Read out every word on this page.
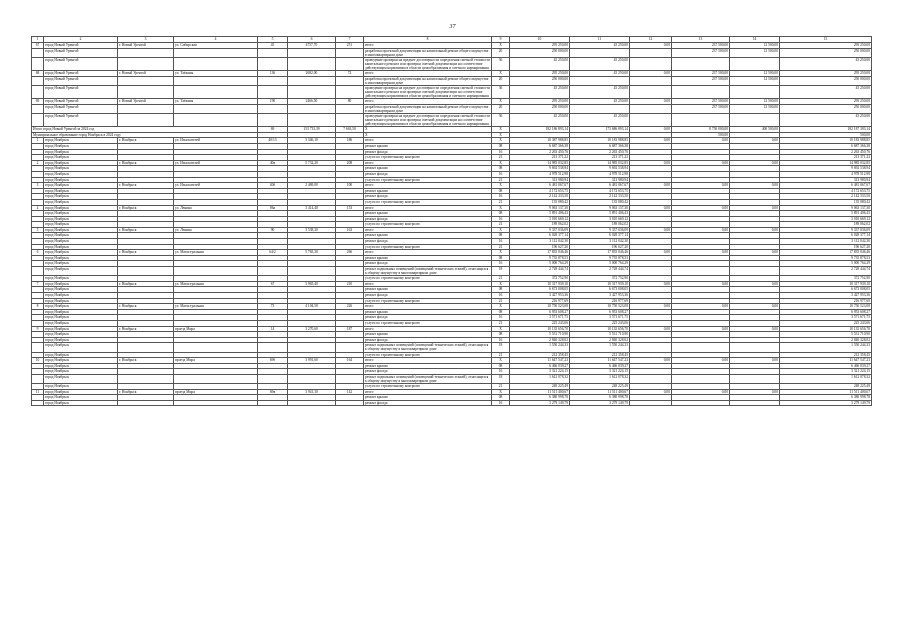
37
1	2	3	4	5	6	7	8	9	10	11	12	13	14	15
67	город Новый Уренгой	г. Новый Уренгой	ул. Сибирская	45	4757,70	251	итого	X	295 250,00	45 250,00	0,00	237 500,00	12 500,00	295 250,00
	город Новый Уренгой						разработка проектной документации на капитальный ремонт общего имущества в многоквартирном доме	20	250 000,00			237 500,00	12 500,00	250 000,00
	город Новый Уренгой						проведение проверки на предмет достоверности определения сметной стоимости капитального ремонта или проверки сметной документации на соответствие действующим нормативам в области ценообразования и сметного нормирования	36	45 250,00	45 250,00				45 250,00
68	город Новый Уренгой	г. Новый Уренгой	ул. Таёжная	136	2682,00	72	итого	X	295 250,00	45 250,00	0,00	237 500,00	12 500,00	295 250,00
	город Новый Уренгой						разработка проектной документации на капитальный ремонт общего имущества в многоквартирном доме	20	250 000,00			237 500,00	12 500,00	250 000,00
	город Новый Уренгой						проведение проверки на предмет достоверности определения сметной стоимости капитального ремонта или проверки сметной документации на соответствие действующим нормативам в области ценообразования и сметного нормирования	36	45 250,00	45 250,00				45 250,00
69	город Новый Уренгой	г. Новый Уренгой	ул. Таёжная	190	2466,50	80	итого	X	295 250,00	45 250,00	0,00	237 500,00	12 500,00	295 250,00
	город Новый Уренгой						разработка проектной документации на капитальный ремонт общего имущества в многоквартирном доме	20	250 000,00			237 500,00	12 500,00	250 000,00
	город Новый Уренгой						проведение проверки на предмет достоверности определения сметной стоимости капитального ремонта или проверки сметной документации на соответствие действующим нормативам в области ценообразования и сметного нормирования	36	45 250,00	45 250,00				45 250,00
Итого город Новый Уренгой за 2024 год				69	153 733,39	7 663,50	X	X	182 186 893,14	173 686 893,14	0,00	8 750 000,00	400 500,00	182 187 393,14
Муниципальное образование город Ноябрьск в 2024 году							X	X				500,00		500,00
1	город Ноябрьск	г. Ноябрьск	ул. Изыскателей	40/13	3 346,10	186	итого	X	10 387 988,85	10 183 988,85	0,00	0,00	0,00	10 183 988,85
	город Ноябрьск						ремонт крыши	08	6 687 366,38	6 687 366,38				6 687 366,38
	город Ноябрьск						ремонт фасада	16	2 263 450,76	2 263 450,76				2 263 450,76
	город Ноябрьск						услуги по строительному контролю	21	213 371,22	213 371,22				213 371,22
2	город Ноябрьск	г. Ноябрьск	ул. Изыскателей	40в	5 732,20	208	итого	X	14 985 032,85	14 985 032,85	0,00	0,00	0,00	14 985 032,85
	город Ноябрьск						ремонт крыши	08	9 692 538,94	9 692 538,94				9 692 538,94
	город Ноябрьск						ремонт фасада	16	4 978 512,98	4 978 512,98				4 978 512,98
	город Ноябрьск						услуги по строительному контролю	21	313 980,94	313 980,94				313 980,94
3	город Ноябрьск	г. Ноябрьск	ул. Изыскателей	40б	2 469,00	100	итого	X	6 481 067,67	6 481 067,67	0,00	0,00	0,00	6 481 067,67
	город Ноябрьск						ремонт крыши	08	4 172 653,75	4 172 653,75				4 172 653,75
	город Ноябрьск						ремонт фасада	16	2 142 333,50	2 142 333,50				2 142 333,50
	город Ноябрьск						услуги по строительному контролю	21	135 080,42	135 080,42				135 080,42
4	город Ноябрьск	г. Ноябрьск	ул. Ленина	86а	3 414,40	153	итого	X	9 063 137,30	9 063 137,30	0,00	0,00	0,00	9 063 137,30
	город Ноябрьск						ремонт крыши	08	5 891 406,43	5 891 406,43				5 891 406,43
	город Ноябрьск						ремонт фасада	16	3 010 669,12	3 010 669,12				3 010 669,12
	город Ноябрьск						услуги по строительному контролю	21	189 062,02	189 062,02				189 062,02
5	город Ноябрьск	г. Ноябрьск	ул. Ленина	90	3 538,30	163	итого	X	9 337 036,09	9 337 036,09	0,00	0,00	0,00	9 337 036,09
	город Ноябрьск						ремонт крыши	08	6 028 377,14	6 028 377,14				6 028 377,14
	город Ноябрьск						ремонт фасада	16	3 112 042,30	3 112 042,30				3 112 042,30
	город Ноябрьск						услуги по строительному контролю	21	196 627,20	196 627,20				196 627,20
6	город Ноябрьск	г. Ноябрьск	ул. Магистральная	64/2	5 765,30	266	итого	X	17 835 046,46	17 835 046,46	0,00	0,00	0,00	17 835 046,46
	город Ноябрьск						ремонт крыши	08	9 735 878,53	9 735 878,53				9 735 878,53
	город Ноябрьск						ремонт фасада	16	5 000 764,29	5 000 764,29				5 000 764,29
	город Ноябрьск						ремонт подвальных помещений (помещений технических этажей), относящихся к общему имуществу в многоквартирном доме	18	2 728 444,74	2 728 444,74				2 728 444,74
	город Ноябрьск						услуги по строительному контролю	21	372 752,90	372 752,90				372 752,90
7	город Ноябрьск	г. Ноябрьск	ул. Магистральная	67	3 965,40	210	итого	X	10 317 939,10	10 317 939,10	0,00	0,00	0,00	10 317 939,10
	город Ноябрьск						ремонт крыши	08	6 673 008,05	6 673 008,05				6 673 008,05
	город Ноябрьск						ремонт фасада	16	3 427 953,36	3 427 953,36				3 427 953,36
	город Ноябрьск						услуги по строительному контролю	21	216 977,69	216 977,69				216 977,69
8	город Ноябрьск	г. Ноябрьск	ул. Магистральная	73	4 104,50	226	итого	X	10 750 523,08	10 750 523,08	0,00	0,00	0,00	10 750 523,08
	город Ноябрьск						ремонт крыши	08	6 953 608,27	6 953 608,27				6 953 608,27
	город Ноябрьск						ремонт фасада	16	3 571 671,75	3 571 671,75				3 571 671,75
	город Ноябрьск						услуги по строительному контролю	21	225 243,06	225 243,06				225 243,06
9	город Ноябрьск	г. Ноябрьск	проезд Мира	14	3 270,60	187	итого	X	10 135 656,70	10 135 656,70	0,00	0,00	0,00	10 135 656,70
	город Ноябрьск						ремонт крыши	08	5 531 710,90	5 531 710,90				5 531 710,90
	город Ноябрьск						ремонт фасада	16	2 840 328,02	2 840 328,02				2 840 328,02
	город Ноябрьск						ремонт подвальных помещений (помещений технических этажей), относящихся к общему имуществу в многоквартирном доме	18	1 550 244,33	1 550 244,33				1 550 244,33
	город Ноябрьск						услуги по строительному контролю	21	212 358,45	212 358,45				212 358,45
10	город Ноябрьск	г. Ноябрьск	проезд Мира	69б	3 991,60	164	итого	X	11 647 547,23	11 647 547,23	0,00	0,00	0,00	11 647 547,23
	город Ноябрьск						ремонт крыши	08	6 466 039,27	6 466 039,27				6 466 039,27
	город Ноябрьск						ремонт фасада	16	3 321 224,15	3 321 224,15				3 321 224,15
	город Ноябрьск						ремонт подвальных помещений (помещений технических этажей), относящихся к общему имуществу в многоквартирном доме	18	1 612 078,32	1 612 078,32				1 612 078,32
	город Ноябрьск						услуги по строительному контролю	21	248 225,49	248 225,49				248 225,49
11	город Ноябрьск	г. Ноябрьск	проезд Мира	69в	3 941,30	142	итого	X	11 511 400,67	11 511 400,67	0,00	0,00	0,00	11 511 400,67
	город Ноябрьск						ремонт крыши	08	6 380 998,78	6 380 998,78				6 380 998,78
	город Ноябрьск						ремонт фасада	16	3 279 149,79	3 279 149,79				3 279 149,79
